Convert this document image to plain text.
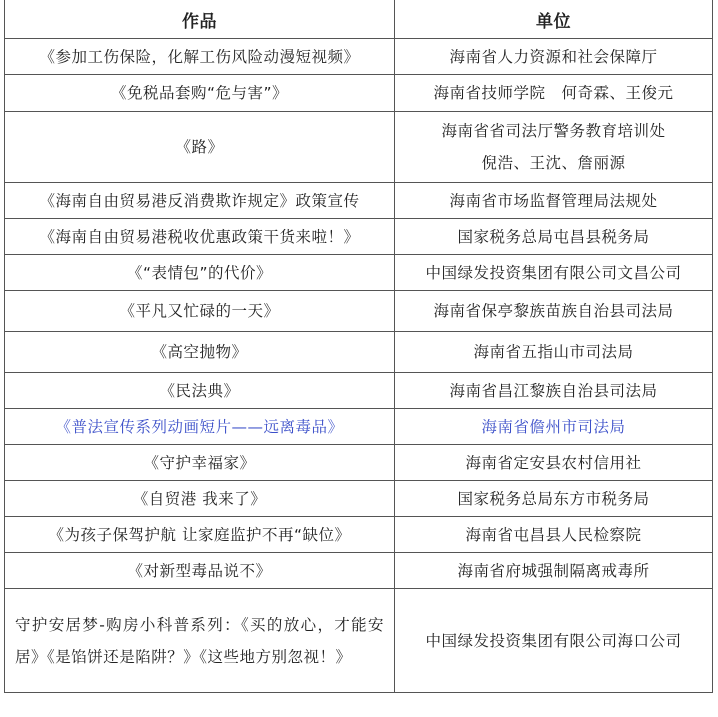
作品	单位
《参加工伤保险，化解工伤风险动漫短视频》	海南省人力资源和社会保障厅
《免税品套购“危与害”》	海南省技师学院　何奇霖、王俊元
《路》	海南省省司法厅警务教育培训处
倪浩、王沈、詹丽源

《海南自由贸易港反消费欺诈规定》政策宣传	海南省市场监督管理局法规处
《海南自由贸易港税收优惠政策干货来啦！》	国家税务总局屯昌县税务局
《“表情包”的代价》	中国绿发投资集团有限公司文昌公司
《平凡又忙碌的一天》	海南省保亭黎族苗族自治县司法局
《高空抛物》	海南省五指山市司法局
《民法典》	海南省昌江黎族自治县司法局
《普法宣传系列动画短片——远离毒品》	海南省儋州市司法局
《守护幸福家》	海南省定安县农村信用社
《自贸港 我来了》	国家税务总局东方市税务局
《为孩子保驾护航 让家庭监护不再“缺位》	海南省屯昌县人民检察院
《对新型毒品说不》	海南省府城强制隔离戒毒所
守护安居梦-购房小科普系列：《买的放心，才能安居》《是馅饼还是陷阱？》《这些地方别忽视！》	中国绿发投资集团有限公司海口公司
